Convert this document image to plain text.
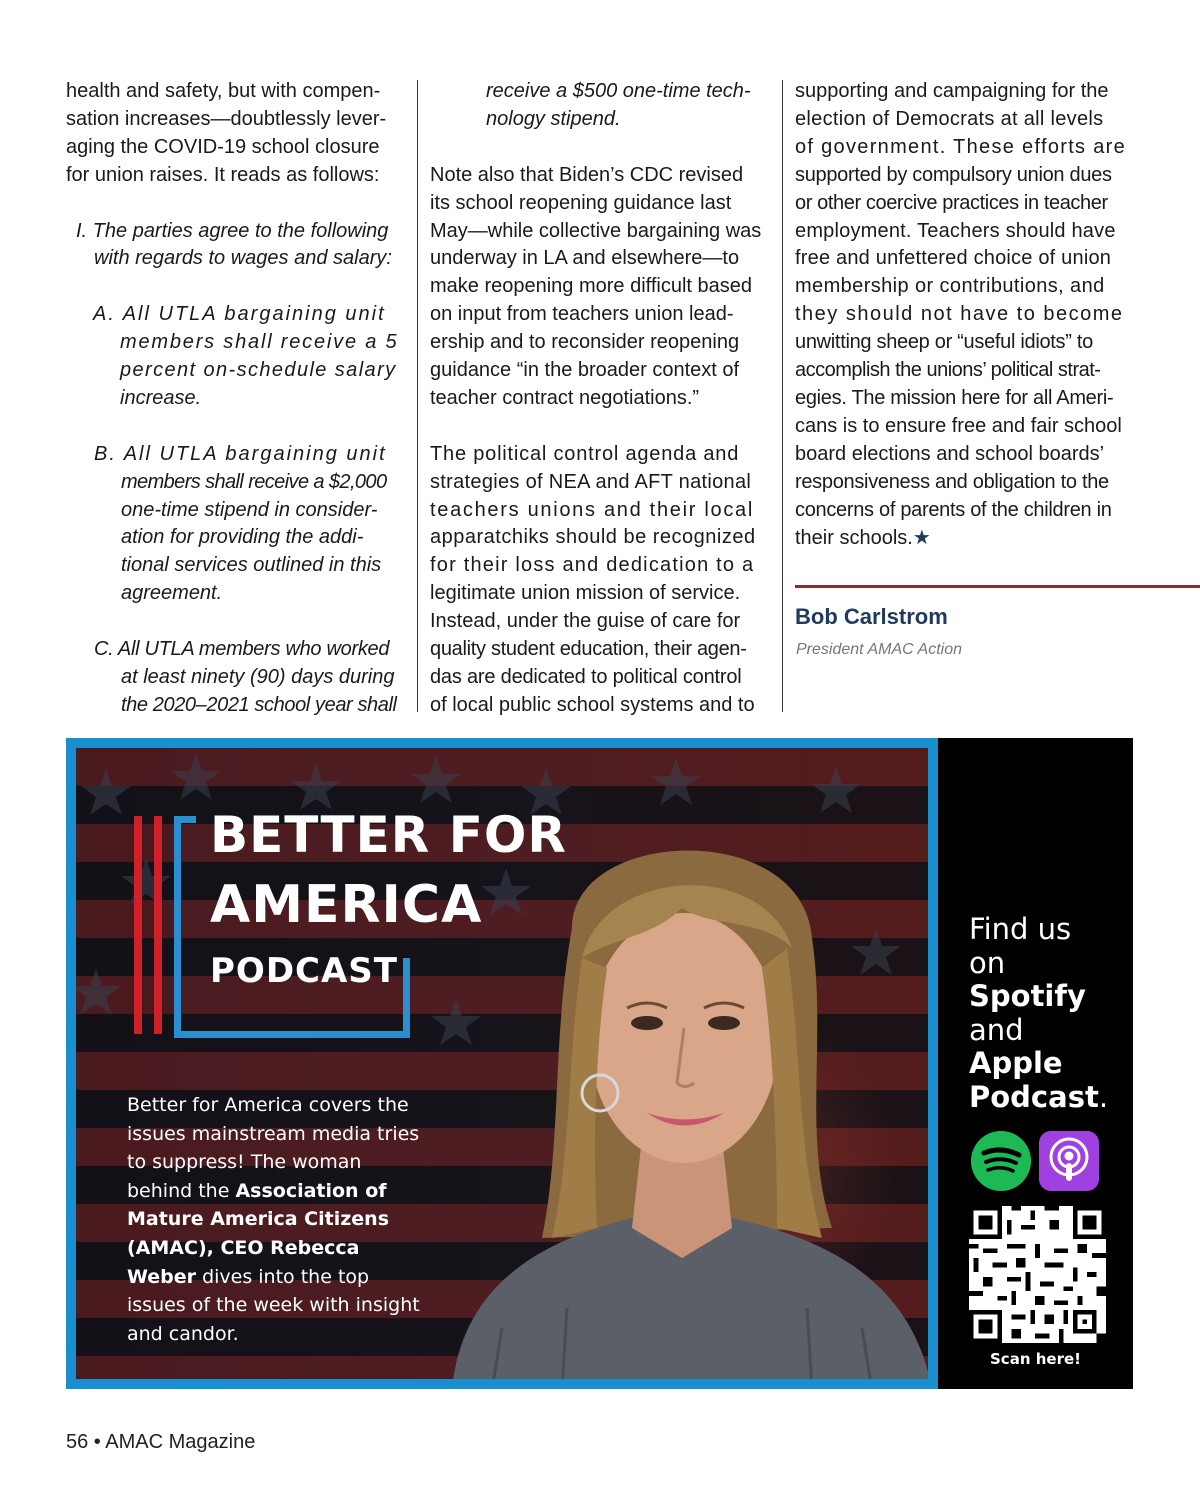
health and safety, but with compen-

sation increases—doubtlessly lever-

aging the COVID-19 school closure

for union raises. It reads as follows:

I. The parties agree to the following

with regards to wages and salary:

A. All UTLA bargaining unit

members shall receive a 5

percent on-schedule salary

increase.

B. All UTLA bargaining unit

members shall receive a $2,000

one-time stipend in consider-

ation for providing the addi-

tional services outlined in this

agreement.

C. All UTLA members who worked

at least ninety (90) days during

the 2020–2021 school year shall

receive a $500 one-time tech-

nology stipend.

Note also that Biden’s CDC revised

its school reopening guidance last

May—while collective bargaining was

underway in LA and elsewhere—to

make reopening more difficult based

on input from teachers union lead-

ership and to reconsider reopening

guidance “in the broader context of

teacher contract negotiations.”

The political control agenda and

strategies of NEA and AFT national

teachers unions and their local

apparatchiks should be recognized

for their loss and dedication to a

legitimate union mission of service.

Instead, under the guise of care for

quality student education, their agen-

das are dedicated to political control

of local public school systems and to

supporting and campaigning for the

election of Democrats at all levels

of government. These efforts are

supported by compulsory union dues

or other coercive practices in teacher

employment. Teachers should have

free and unfettered choice of union

membership or contributions, and

they should not have to become

unwitting sheep or “useful idiots” to

accomplish the unions’ political strat-

egies. The mission here for all Ameri-

cans is to ensure free and fair school

board elections and school boards’

responsiveness and obligation to the

concerns of parents of the children in

their schools.★

Bob Carlstrom
President AMAC Action
BETTER FOR
AMERICA
PODCAST
Better for America covers the issues mainstream media tries to suppress! The woman behind the Association of Mature America Citizens (AMAC), CEO Rebecca Weber dives into the top issues of the week with insight and candor.
Find us
on
Spotify
and
Apple
Podcast.
Scan here!
56 • AMAC Magazine
